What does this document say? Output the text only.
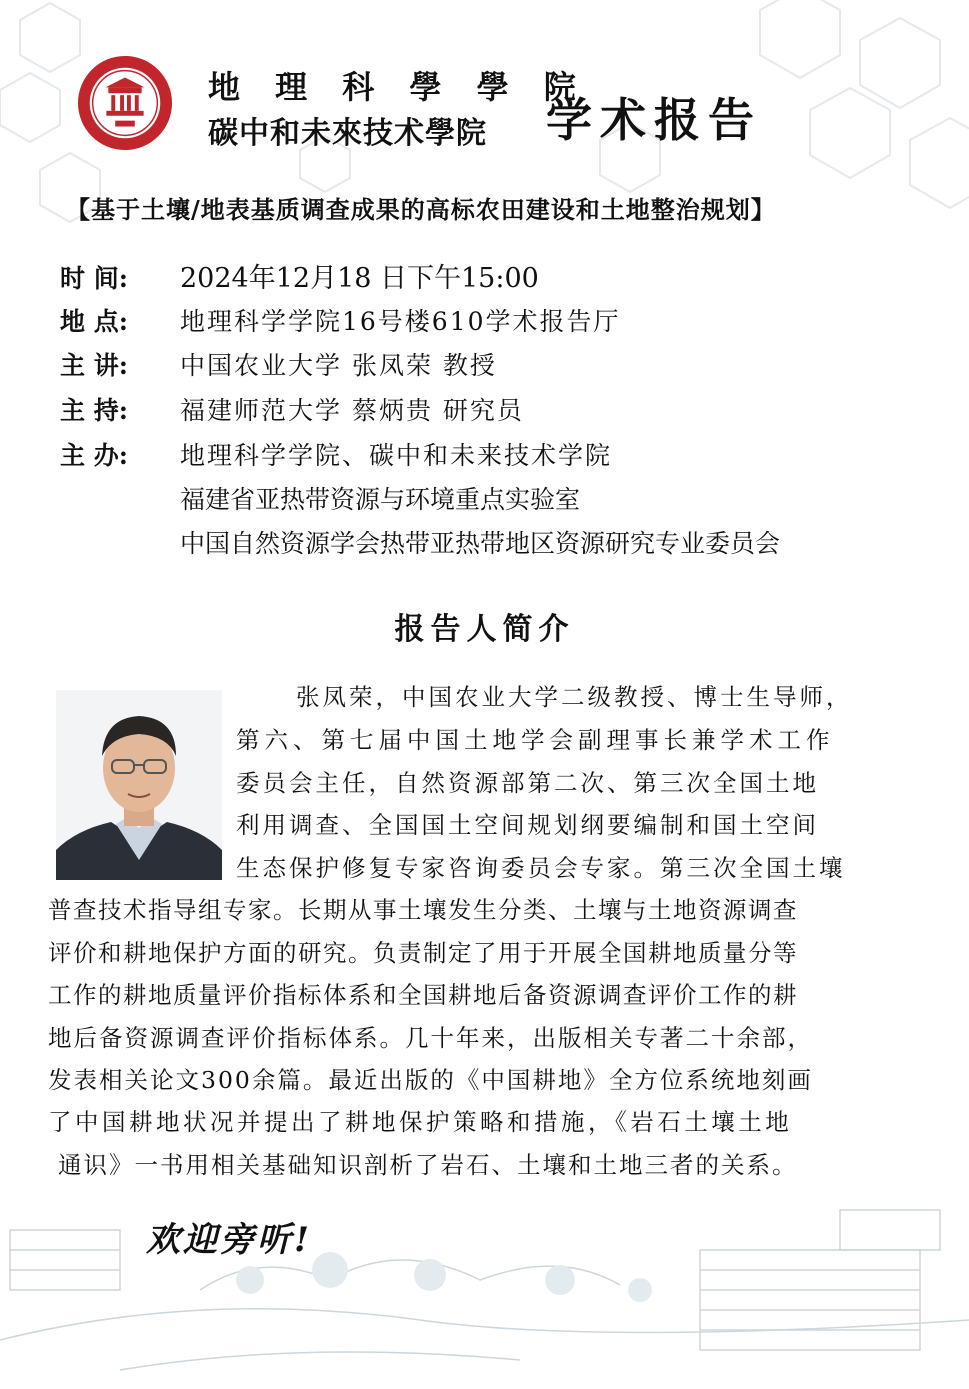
地 理 科 學 學 院
碳中和未來技术學院 学术报告
【基于土壤/地表基质调查成果的高标农田建设和土地整治规划】
时 间: 2024年12月18 日下午15:00
地 点: 地理科学学院16号楼610学术报告厅
主 讲: 中国农业大学 张凤荣 教授
主 持: 福建师范大学 蔡炳贵 研究员
主 办: 地理科学学院、碳中和未来技术学院
福建省亚热带资源与环境重点实验室
中国自然资源学会热带亚热带地区资源研究专业委员会
报告人简介
张凤荣，中国农业大学二级教授、博士生导师，
第六、第七届中国土地学会副理事长兼学术工作
委员会主任，自然资源部第二次、第三次全国土地
利用调查、全国国土空间规划纲要编制和国土空间
生态保护修复专家咨询委员会专家。第三次全国土壤
普查技术指导组专家。长期从事土壤发生分类、土壤与土地资源调查
评价和耕地保护方面的研究。负责制定了用于开展全国耕地质量分等
工作的耕地质量评价指标体系和全国耕地后备资源调查评价工作的耕
地后备资源调查评价指标体系。几十年来，出版相关专著二十余部，
发表相关论文300余篇。最近出版的《中国耕地》全方位系统地刻画
了中国耕地状况并提出了耕地保护策略和措施，《岩石土壤土地
通识》一书用相关基础知识剖析了岩石、土壤和土地三者的关系。
欢迎旁听!
